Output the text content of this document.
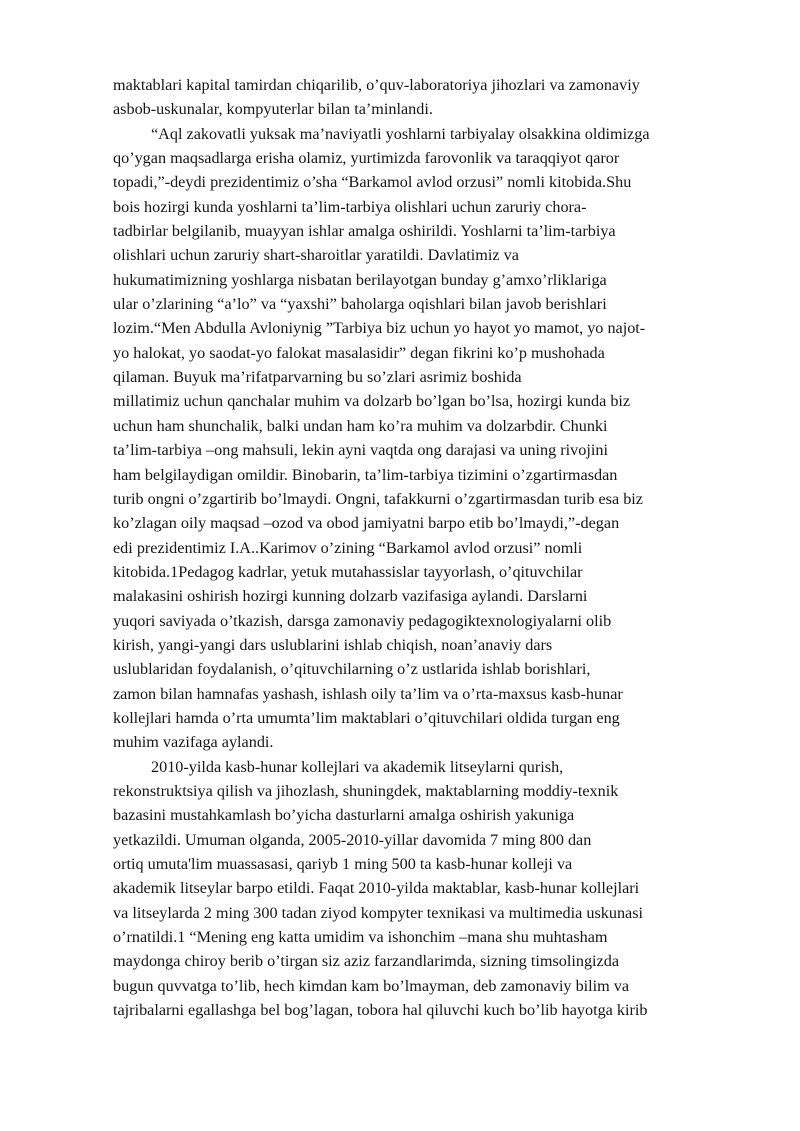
maktablari kapital tamirdan chiqarilib, o’quv-laboratoriya jihozlari va zamonaviy
asbob-uskunalar, kompyuterlar bilan ta’minlandi.
“Aql zakovatli yuksak ma’naviyatli yoshlarni tarbiyalay olsakkina oldimizga
qo’ygan maqsadlarga erisha olamiz, yurtimizda farovonlik va taraqqiyot qaror
topadi,”-deydi prezidentimiz o’sha “Barkamol avlod orzusi” nomli kitobida.Shu
bois hozirgi kunda yoshlarni ta’lim-tarbiya olishlari uchun zaruriy chora-
tadbirlar belgilanib, muayyan ishlar amalga oshirildi. Yoshlarni ta’lim-tarbiya
olishlari uchun zaruriy shart-sharoitlar yaratildi. Davlatimiz va
hukumatimizning yoshlarga nisbatan berilayotgan bunday g’amxo’rliklariga
ular o’zlarining “a’lo” va “yaxshi” baholarga oqishlari bilan javob berishlari
lozim.“Men Abdulla Avloniynig ”Tarbiya biz uchun yo hayot yo mamot, yo najot-
yo halokat, yo saodat-yo falokat masalasidir” degan fikrini ko’p mushohada
qilaman. Buyuk ma’rifatparvarning bu so’zlari asrimiz boshida
millatimiz uchun qanchalar muhim va dolzarb bo’lgan bo’lsa, hozirgi kunda biz
uchun ham shunchalik, balki undan ham ko’ra muhim va dolzarbdir. Chunki
ta’lim-tarbiya –ong mahsuli, lekin ayni vaqtda ong darajasi va uning rivojini
ham belgilaydigan omildir. Binobarin, ta’lim-tarbiya tizimini o’zgartirmasdan
turib ongni o’zgartirib bo’lmaydi. Ongni, tafakkurni o’zgartirmasdan turib esa biz
ko’zlagan oily maqsad –ozod va obod jamiyatni barpo etib bo’lmaydi,”-degan
edi prezidentimiz I.A..Karimov o’zining “Barkamol avlod orzusi” nomli
kitobida.1Pedagog kadrlar, yetuk mutahassislar tayyorlash, o’qituvchilar
malakasini oshirish hozirgi kunning dolzarb vazifasiga aylandi. Darslarni
yuqori saviyada o’tkazish, darsga zamonaviy pedagogiktexnologiyalarni olib
kirish, yangi-yangi dars uslublarini ishlab chiqish, noan’anaviy dars
uslublaridan foydalanish, o’qituvchilarning o’z ustlarida ishlab borishlari,
zamon bilan hamnafas yashash, ishlash oily ta’lim va o’rta-maxsus kasb-hunar
kollejlari hamda o’rta umumta’lim maktablari o’qituvchilari oldida turgan eng
muhim vazifaga aylandi.
2010-yilda kasb-hunar kollejlari va akademik litseylarni qurish,
rekonstruktsiya qilish va jihozlash, shuningdek, maktablarning moddiy-texnik
bazasini mustahkamlash bo’yicha dasturlarni amalga oshirish yakuniga
yetkazildi. Umuman olganda, 2005-2010-yillar davomida 7 ming 800 dan
ortiq umuta'lim muassasasi, qariyb 1 ming 500 ta kasb-hunar kolleji va
akademik litseylar barpo etildi. Faqat 2010-yilda maktablar, kasb-hunar kollejlari
va litseylarda 2 ming 300 tadan ziyod kompyter texnikasi va multimedia uskunasi
o’rnatildi.1 “Mening eng katta umidim va ishonchim –mana shu muhtasham
maydonga chiroy berib o’tirgan siz aziz farzandlarimda, sizning timsolingizda
bugun quvvatga to’lib, hech kimdan kam bo’lmayman, deb zamonaviy bilim va
tajribalarni egallashga bel bog’lagan, tobora hal qiluvchi kuch bo’lib hayotga kirib
